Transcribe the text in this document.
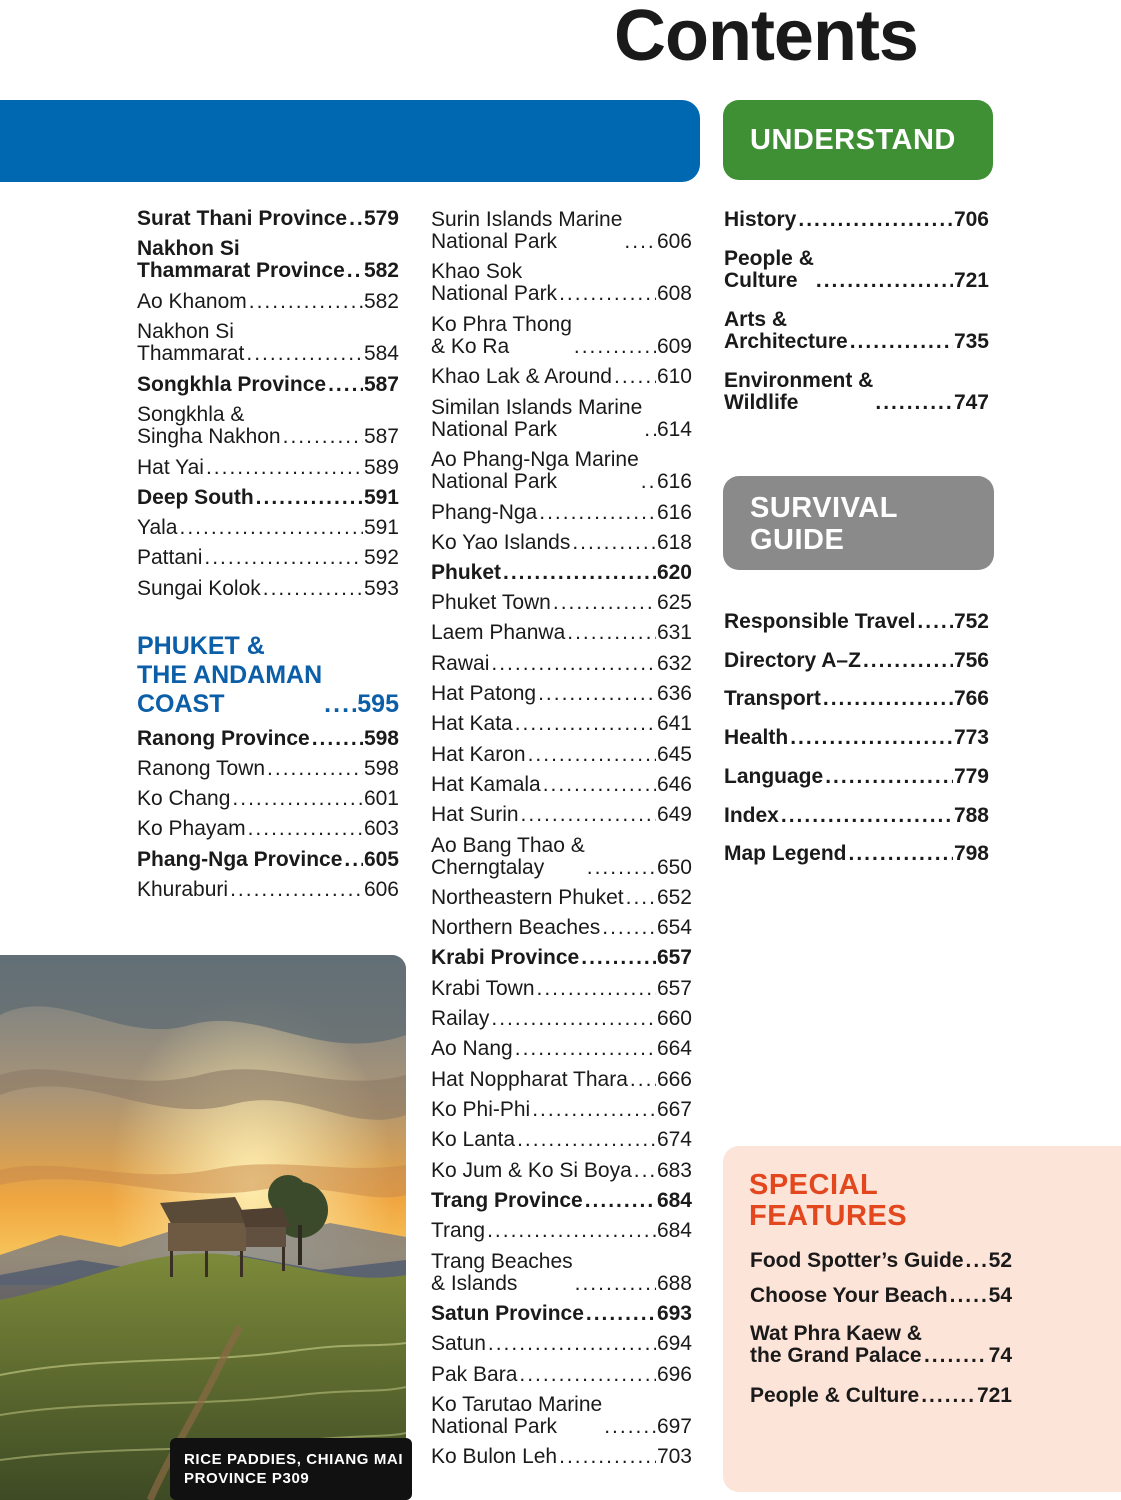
Contents
UNDERSTAND
SURVIVAL
GUIDE
Surat Thani Province ..... 579
Nakhon Si
Thammarat Province ..... 582
Ao Khanom .....	582
Nakhon Si
Thammarat .....	584
Songkhla Province ..... 587
Songkhla &
Singha Nakhon .....	587
Hat Yai .....	589
Deep South .....	591
Yala .....	591
Pattani .....	592
Sungai Kolok .....	593
PHUKET &
THE ANDAMAN
COAST .....	595
Ranong Province .....	598
Ranong Town .....	598
Ko Chang .....	601
Ko Phayam .....	603
Phang-Nga Province ..... 605
Khuraburi .....	606
Surin Islands Marine
National Park .....	606
Khao Sok
National Park .....	608
Ko Phra Thong
& Ko Ra .....	609
Khao Lak & Around ..... 610
Similan Islands Marine
National Park .....	614
Ao Phang-Nga Marine
National Park .....	616
Phang-Nga .....	616
Ko Yao Islands .....	618
Phuket .....	620
Phuket Town .....	625
Laem Phanwa .....	631
Rawai .....	632
Hat Patong .....	636
Hat Kata .....	641
Hat Karon .....	645
Hat Kamala .....	646
Hat Surin .....	649
Ao Bang Thao &
Cherngtalay .....	650
Northeastern Phuket ..... 652
Northern Beaches .....	654
Krabi Province .....	657
Krabi Town .....	657
Railay .....	660
Ao Nang .....	664
Hat Noppharat Thara ..... 666
Ko Phi-Phi .....	667
Ko Lanta .....	674
Ko Jum & Ko Si Boya ..... 683
Trang Province .....	684
Trang .....	684
Trang Beaches
& Islands .....	688
Satun Province .....	693
Satun .....	694
Pak Bara .....	696
Ko Tarutao Marine
National Park .....	697
Ko Bulon Leh .....	703
History .....	706
People &
Culture .....	721
Arts &
Architecture .....	735
Environment &
Wildlife .....	747
Responsible Travel ..... 752
Directory A–Z .....	756
Transport .....	766
Health .....	773
Language .....	779
Index .....	788
Map Legend .....	798
RICE PADDIES, CHIANG MAI
PROVINCE P309
SPECIAL
FEATURES
Food Spotter’s Guide ..... 52
Choose Your Beach ..... 54
Wat Phra Kaew &
the Grand Palace .....	74
People & Culture .....	721
